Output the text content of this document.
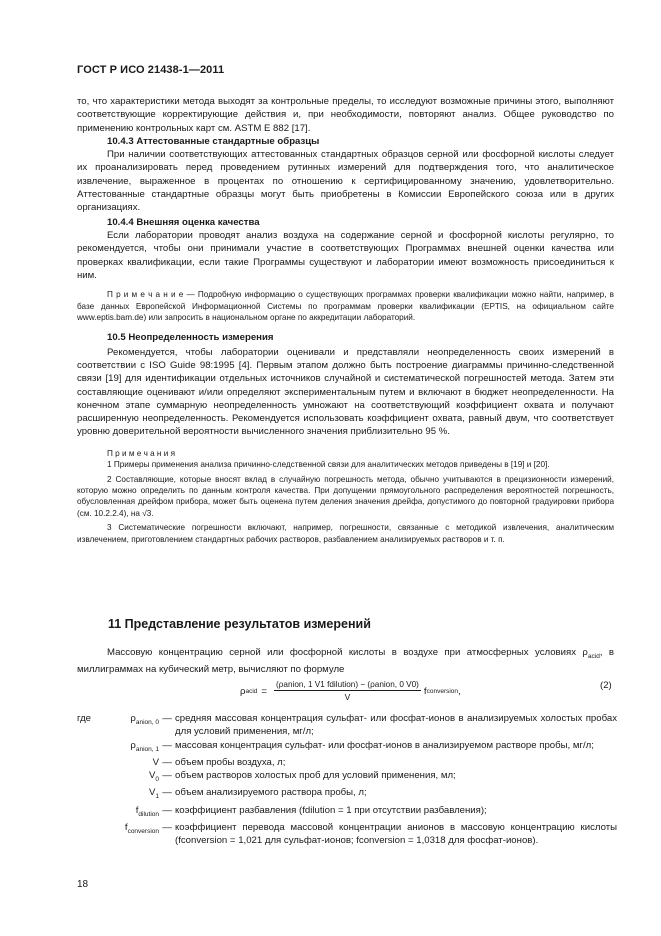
ГОСТ Р ИСО 21438-1—2011

то, что характеристики метода выходят за контрольные пределы, то исследуют возможные причины этого, выполняют соответствующие корректирующие действия и, при необходимости, повторяют анализ. Общее руководство по применению контрольных карт см. ASTM E 882 [17].

10.4.3 Аттестованные стандартные образцы

При наличии соответствующих аттестованных стандартных образцов серной или фосфорной кислоты следует их проанализировать перед проведением рутинных измерений для подтверждения того, что аналитическое извлечение, выраженное в процентах по отношению к сертифицированному значению, удовлетворительно. Аттестованные стандартные образцы могут быть приобретены в Комиссии Европейского союза или в других организациях.

10.4.4 Внешняя оценка качества

Если лаборатории проводят анализ воздуха на содержание серной и фосфорной кислоты регулярно, то рекомендуется, чтобы они принимали участие в соответствующих Программах внешней оценки качества или проверках квалификации, если такие Программы существуют и лаборатории имеют возможность присоединиться к ним.

П р и м е ч а н и е — Подробную информацию о существующих программах проверки квалификации можно найти, например, в базе данных Европейской Информационной Системы по программам проверки квалификации (EPTIS, на официальном сайте www.eptis.bam.de) или запросить в национальном органе по аккредитации лабораторий.

10.5 Неопределенность измерения

Рекомендуется, чтобы лаборатории оценивали и представляли неопределенность своих измерений в соответствии с ISO Guide 98:1995 [4]. Первым этапом должно быть построение диаграммы причинно-следственной связи [19] для идентификации отдельных источников случайной и систематической погрешностей метода. Затем эти составляющие оценивают и/или определяют экспериментальным путем и включают в бюджет неопределенности. На конечном этапе суммарную неопределенность умножают на соответствующий коэффициент охвата и получают расширенную неопределенность. Рекомендуется использовать коэффициент охвата, равный двум, что соответствует уровню доверительной вероятности вычисленного значения приблизительно 95 %.

П р и м е ч а н и я

1 Примеры применения анализа причинно-следственной связи для аналитических методов приведены в [19] и [20].

2 Составляющие, которые вносят вклад в случайную погрешность метода, обычно учитываются в прецизионности измерений, которую можно определить по данным контроля качества. При допущении прямоугольного распределения вероятностей погрешность, обусловленная дрейфом прибора, может быть оценена путем деления значения дрейфа, допустимого до повторной градуировки прибора (см. 10.2.2.4), на √3.

3 Систематические погрешности включают, например, погрешности, связанные с методикой извлечения, аналитическим извлечением, приготовлением стандартных рабочих растворов, разбавлением анализируемых растворов и т. п.

11 Представление результатов измерений

Массовую концентрацию серной или фосфорной кислоты в воздухе при атмосферных условиях $\rho_{acid}$, в миллиграммах на кубический метр, вычисляют по формуле

ρ acid = $\frac{\text{(ρanion, 1 V1 fdilution) − (ρanion, 0 V0)}}{V}$ f conversion ,	(2)
где	$\rho_{anion, 0}$ — средняя массовая концентрация сульфат- или фосфат-ионов в анализируемых холостых пробах для условий применения, мг/л;
$\rho_{anion, 1}$ — массовая концентрация сульфат- или фосфат-ионов в анализируемом растворе пробы, мг/л;
V — объем пробы воздуха, л;
$V_0$ — объем растворов холостых проб для условий применения, мл;
$V_1$ — объем анализируемого раствора пробы, л;
$f_{dilution}$ — коэффициент разбавления (fdilution = 1 при отсутствии разбавления);
$f_{conversion}$ — коэффициент перевода массовой концентрации анионов в массовую концентрацию кислоты (fconversion = 1,021 для сульфат-ионов; fconversion = 1,0318 для фосфат-ионов).
18
